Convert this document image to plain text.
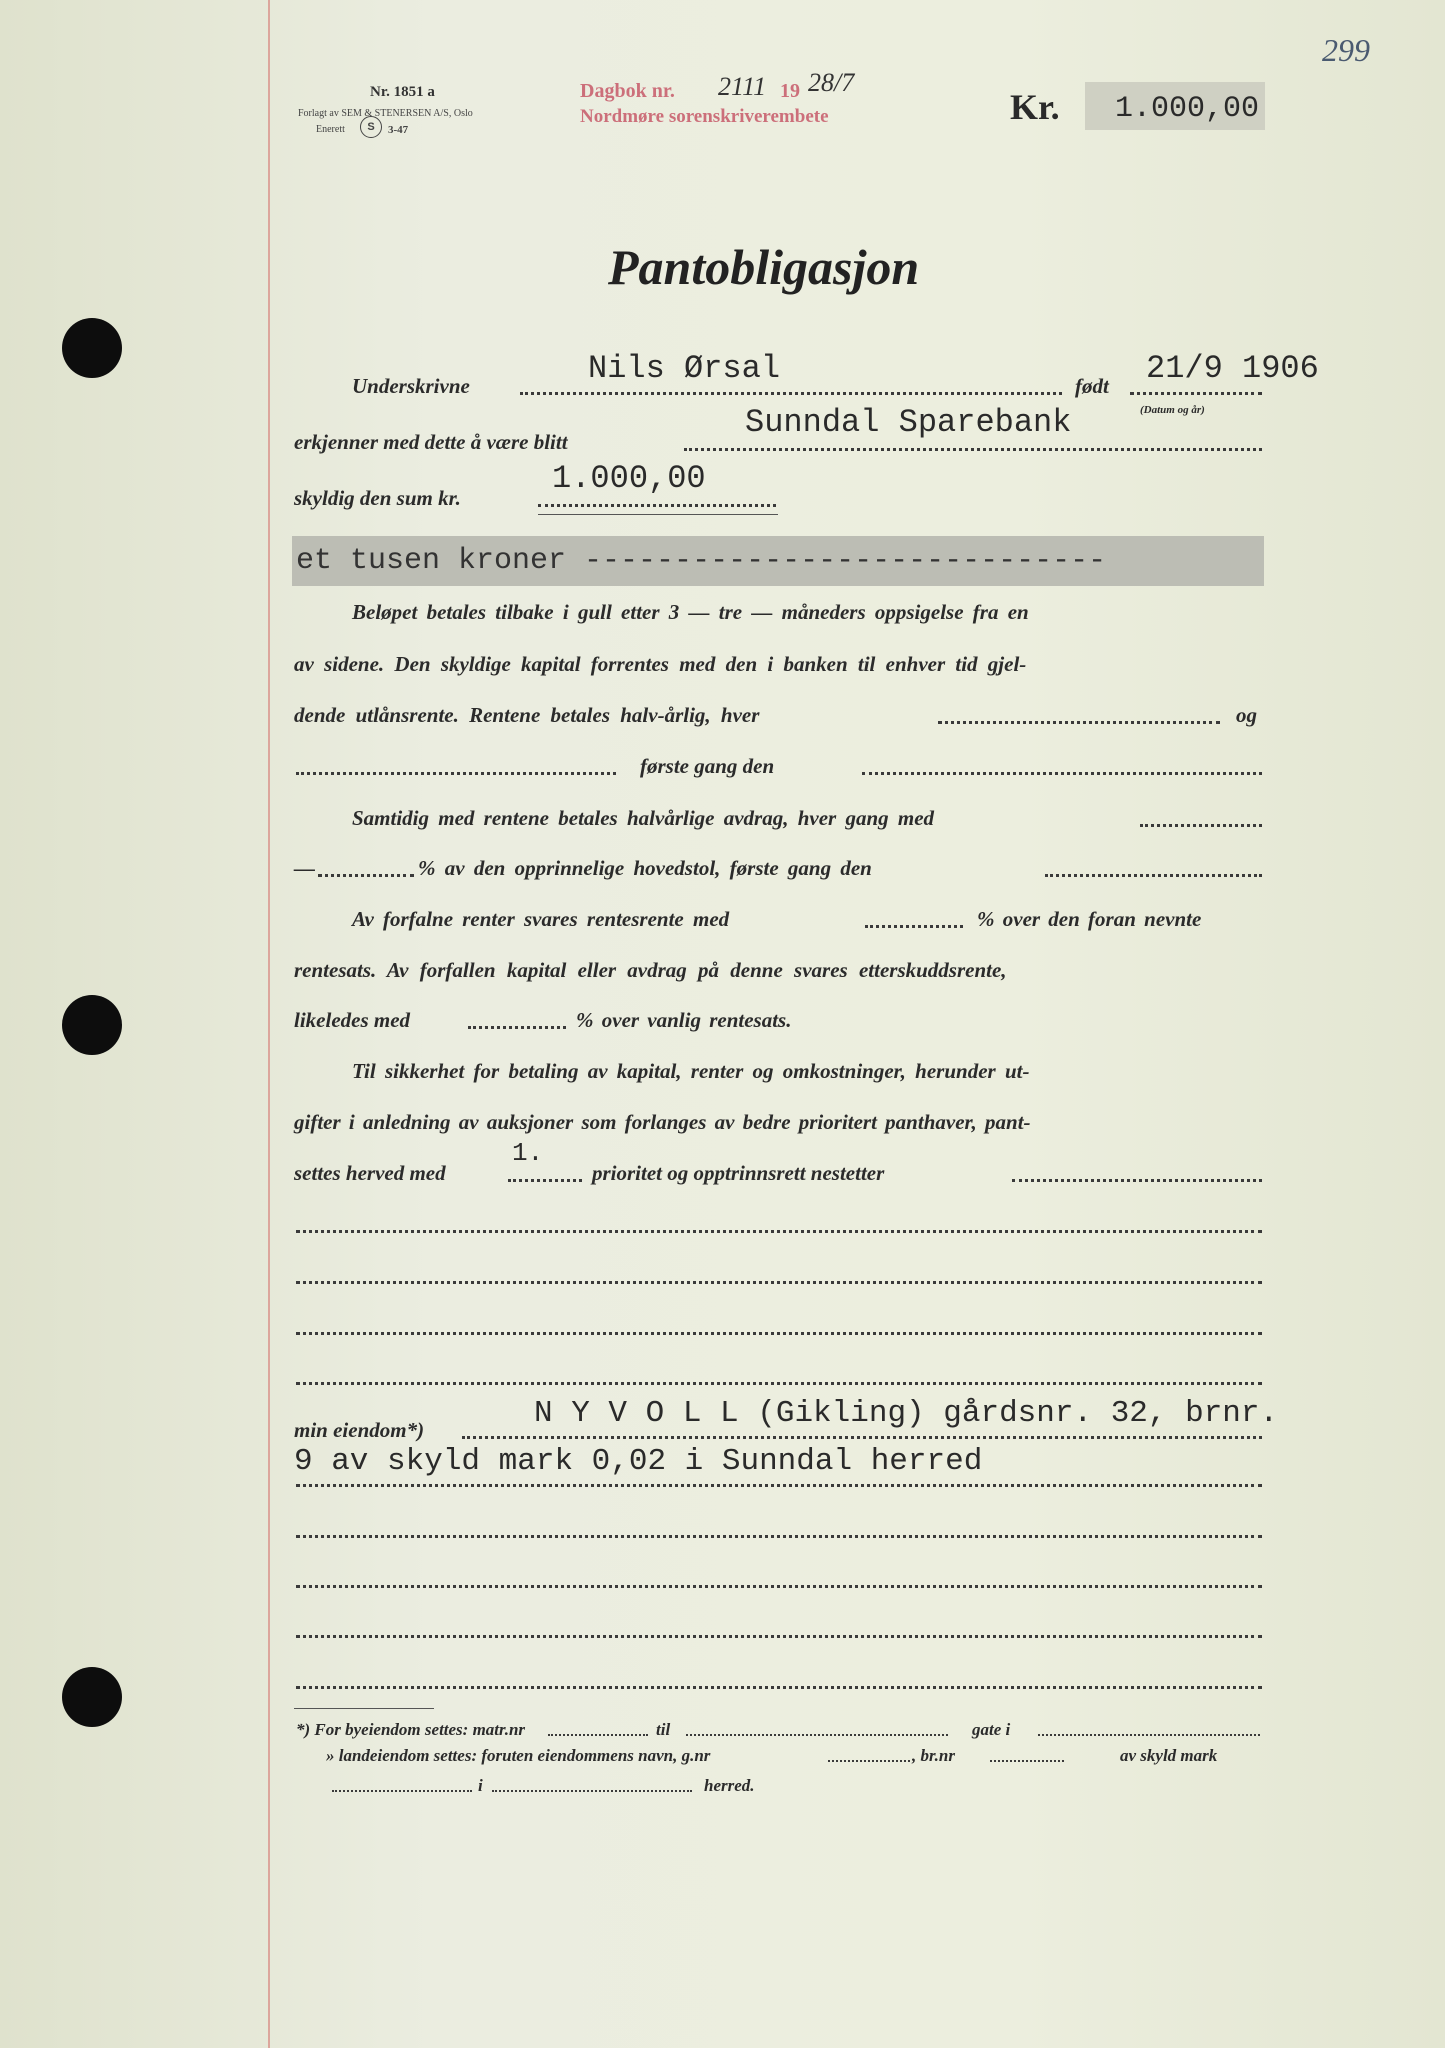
Nr. 1851 a
Forlagt av SEM & STENERSEN A/S, Oslo
Enerett	S	3-47
Dagbok nr. 2111 19 28/7
Nordmøre sorenskriverembete	Kr. 1.000,00
299
Pantobligasjon
Underskrivne	Nils Ørsal	født 21/9 1906
(Datum og år)
erkjenner med dette å være blitt
Sunndal Sparebank
skyldig den sum kr.
1.000,00
et tusen kroner -----------------------------
Beløpet betales tilbake i gull etter 3 — tre — måneders oppsigelse fra en
av sidene. Den skyldige kapital forrentes med den i banken til enhver tid gjel-
dende utlånsrente. Rentene betales halv-årlig, hver	og
første gang den
Samtidig med rentene betales halvårlige avdrag, hver gang med
—	% av den opprinnelige hovedstol, første gang den
Av forfalne renter svares rentesrente med	% over den foran nevnte
rentesats. Av forfallen kapital eller avdrag på denne svares etterskuddsrente,
likeledes med	% over vanlig rentesats.
Til sikkerhet for betaling av kapital, renter og omkostninger, herunder ut-
gifter i anledning av auksjoner som forlanges av bedre prioritert panthaver, pant-
settes herved med
1.
prioritet og opptrinnsrett nestetter
min eiendom*)	N Y V O L L (Gikling) gårdsnr. 32, brnr.
9 av skyld mark 0,02 i Sunndal herred
*) For byeiendom settes: matr.nr	til	gate i
» landeiendom settes: foruten eiendommens navn, g.nr	, br.nr	av skyld mark
i	herred.
